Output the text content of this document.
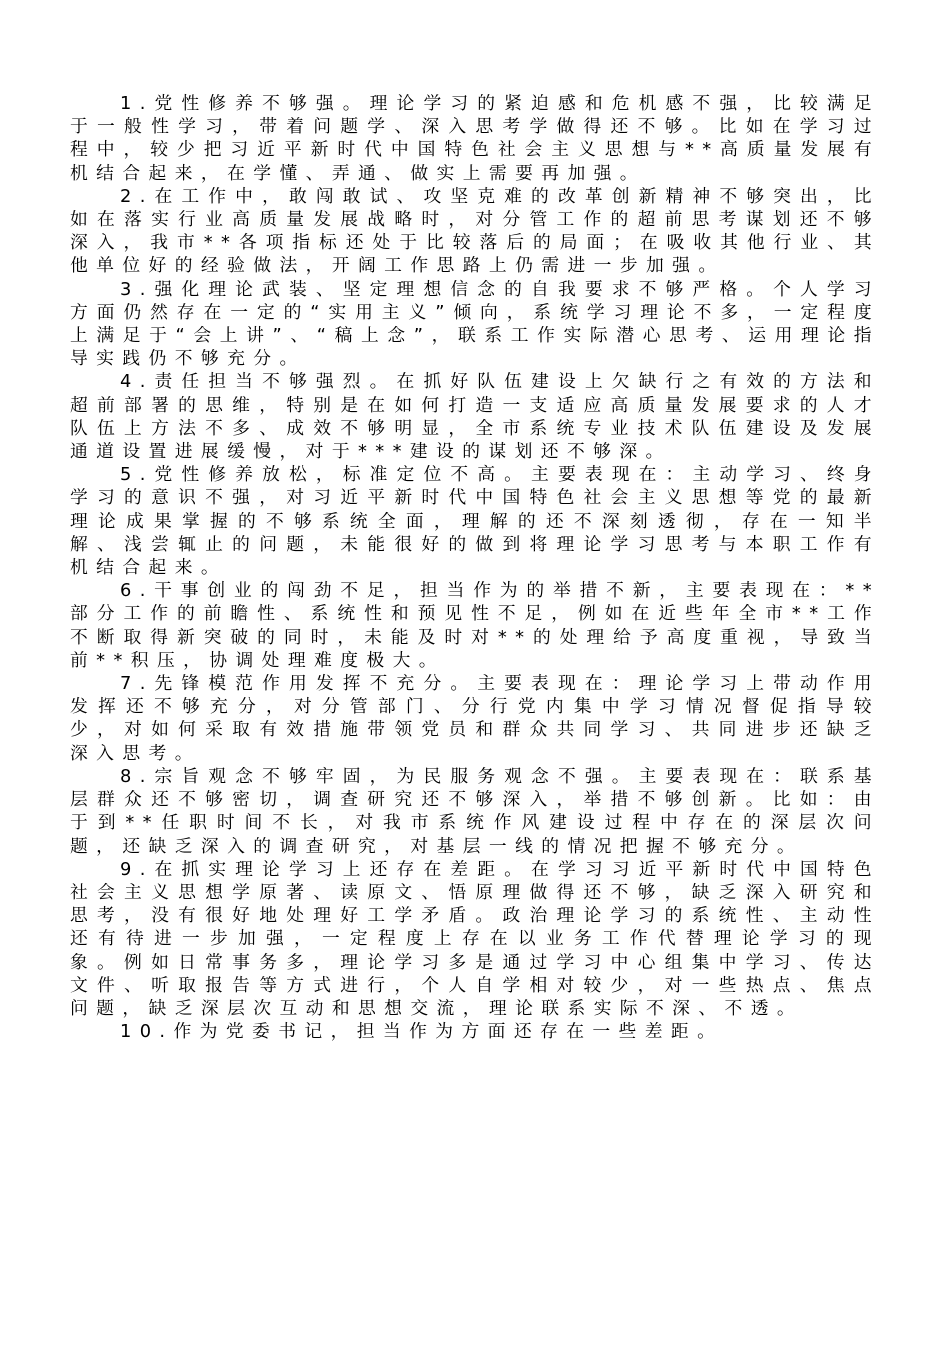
1.党性修养不够强。理论学习的紧迫感和危机感不强，比较满足于一般性学习，带着问题学、深入思考学做得还不够。比如在学习过程中，较少把习近平新时代中国特色社会主义思想与**高质量发展有机结合起来，在学懂、弄通、做实上需要再加强。

2.在工作中，敢闯敢试、攻坚克难的改革创新精神不够突出，比如在落实行业高质量发展战略时，对分管工作的超前思考谋划还不够深入，我市**各项指标还处于比较落后的局面；在吸收其他行业、其他单位好的经验做法，开阔工作思路上仍需进一步加强。

3.强化理论武装、坚定理想信念的自我要求不够严格。个人学习方面仍然存在一定的“实用主义”倾向，系统学习理论不多，一定程度上满足于“会上讲”、“稿上念”，联系工作实际潜心思考、运用理论指导实践仍不够充分。

4.责任担当不够强烈。在抓好队伍建设上欠缺行之有效的方法和超前部署的思维，特别是在如何打造一支适应高质量发展要求的人才队伍上方法不多、成效不够明显，全市系统专业技术队伍建设及发展通道设置进展缓慢，对于***建设的谋划还不够深。

5.党性修养放松，标准定位不高。主要表现在：主动学习、终身学习的意识不强，对习近平新时代中国特色社会主义思想等党的最新理论成果掌握的不够系统全面，理解的还不深刻透彻，存在一知半解、浅尝辄止的问题，未能很好的做到将理论学习思考与本职工作有机结合起来。

6.干事创业的闯劲不足，担当作为的举措不新，主要表现在：**部分工作的前瞻性、系统性和预见性不足，例如在近些年全市**工作不断取得新突破的同时，未能及时对**的处理给予高度重视，导致当前**积压，协调处理难度极大。

7.先锋模范作用发挥不充分。主要表现在：理论学习上带动作用发挥还不够充分，对分管部门、分行党内集中学习情况督促指导较少，对如何采取有效措施带领党员和群众共同学习、共同进步还缺乏深入思考。

8.宗旨观念不够牢固，为民服务观念不强。主要表现在：联系基层群众还不够密切，调查研究还不够深入，举措不够创新。比如：由于到**任职时间不长，对我市系统作风建设过程中存在的深层次问题，还缺乏深入的调查研究，对基层一线的情况把握不够充分。

9.在抓实理论学习上还存在差距。在学习习近平新时代中国特色社会主义思想学原著、读原文、悟原理做得还不够，缺乏深入研究和思考，没有很好地处理好工学矛盾。政治理论学习的系统性、主动性还有待进一步加强，一定程度上存在以业务工作代替理论学习的现象。例如日常事务多，理论学习多是通过学习中心组集中学习、传达文件、听取报告等方式进行，个人自学相对较少，对一些热点、焦点问题，缺乏深层次互动和思想交流，理论联系实际不深、不透。

10.作为党委书记，担当作为方面还存在一些差距。
